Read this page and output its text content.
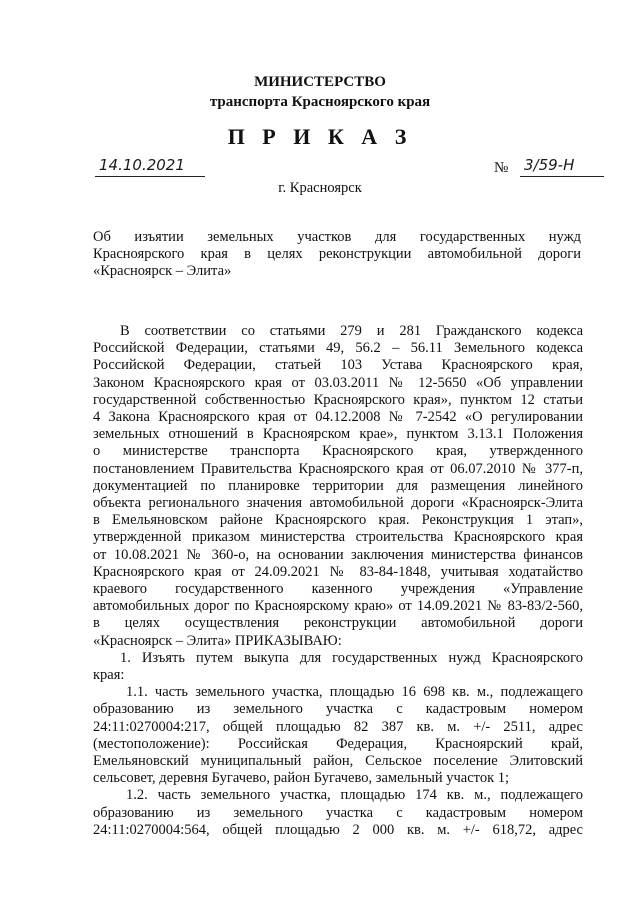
МИНИСТЕРСТВО
транспорта Красноярского края
П Р И К А З
14.10.2021	№ 3/59-Н
г. Красноярск
Об изъятии земельных участков для государственных нужд
Красноярского края в целях реконструкции автомобильной дороги
«Красноярск – Элита»
В соответствии со статьями 279 и 281 Гражданского кодекса
Российской Федерации, статьями 49, 56.2 – 56.11 Земельного кодекса
Российской Федерации, статьей 103 Устава Красноярского края,
Законом Красноярского края от 03.03.2011 № 12-5650 «Об управлении
государственной собственностью Красноярского края», пунктом 12 статьи
4 Закона Красноярского края от 04.12.2008 № 7-2542 «О регулировании
земельных отношений в Красноярском крае», пунктом 3.13.1 Положения
о министерстве транспорта Красноярского края, утвержденного
постановлением Правительства Красноярского края от 06.07.2010 № 377-п,
документацией по планировке территории для размещения линейного
объекта регионального значения автомобильной дороги «Красноярск-Элита
в Емельяновском районе Красноярского края. Реконструкция 1 этап»,
утвержденной приказом министерства строительства Красноярского края
от 10.08.2021 № 360-о, на основании заключения министерства финансов
Красноярского края от 24.09.2021 № 83-84-1848, учитывая ходатайство
краевого государственного казенного учреждения «Управление
автомобильных дорог по Красноярскому краю» от 14.09.2021 № 83-83/2-560,
в целях осуществления реконструкции автомобильной дороги
«Красноярск – Элита» ПРИКАЗЫВАЮ:
1. Изъять путем выкупа для государственных нужд Красноярского
края:
1.1. часть земельного участка, площадью 16 698 кв. м., подлежащего
образованию из земельного участка с кадастровым номером
24:11:0270004:217, общей площадью 82 387 кв. м. +/- 2511, адрес
(местоположение): Российская Федерация, Красноярский край,
Емельяновский муниципальный район, Сельское поселение Элитовский
сельсовет, деревня Бугачево, район Бугачево, замельный участок 1;
1.2. часть земельного участка, площадью 174 кв. м., подлежащего
образованию из земельного участка с кадастровым номером
24:11:0270004:564, общей площадью 2 000 кв. м. +/- 618,72, адрес
